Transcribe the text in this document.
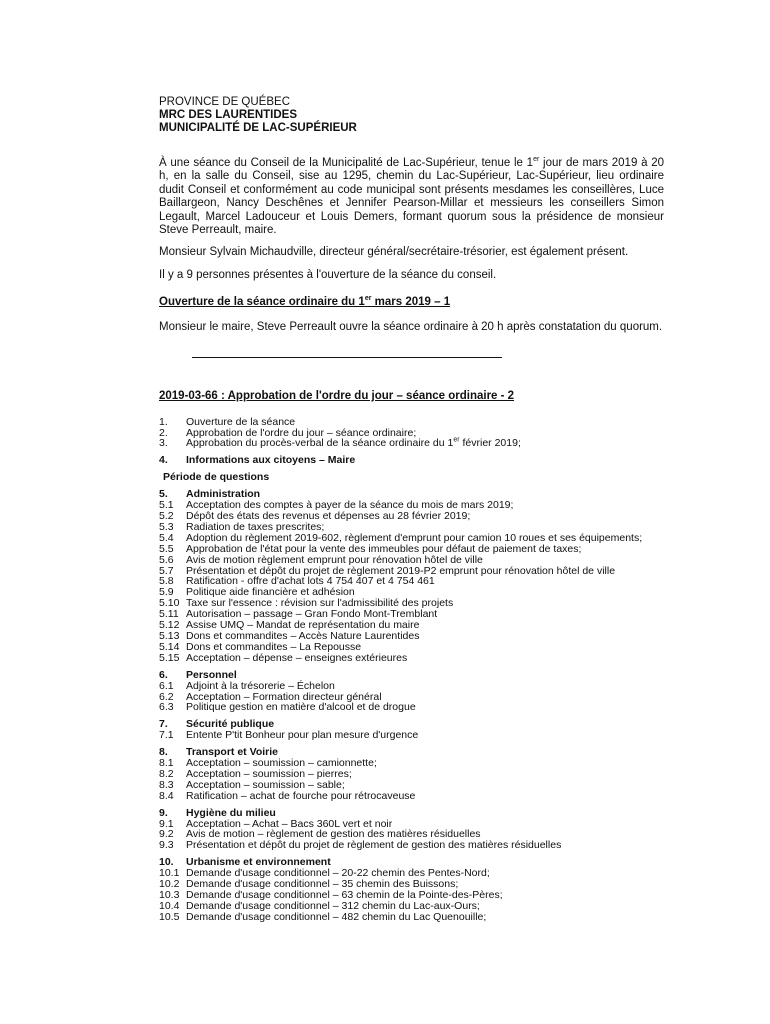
PROVINCE DE QUÉBEC
MRC DES LAURENTIDES
MUNICIPALITÉ DE LAC-SUPÉRIEUR

À une séance du Conseil de la Municipalité de Lac-Supérieur, tenue le 1er jour de mars 2019 à 20 h, en la salle du Conseil, sise au 1295, chemin du Lac-Supérieur, Lac-Supérieur, lieu ordinaire dudit Conseil et conformément au code municipal sont présents mesdames les conseillères, Luce Baillargeon, Nancy Deschênes et Jennifer Pearson-Millar et messieurs les conseillers Simon Legault, Marcel Ladouceur et Louis Demers, formant quorum sous la présidence de monsieur Steve Perreault, maire.

Monsieur Sylvain Michaudville, directeur général/secrétaire-trésorier, est également présent.

Il y a 9 personnes présentes à l'ouverture de la séance du conseil.

Ouverture de la séance ordinaire du 1er mars 2019 – 1

Monsieur le maire, Steve Perreault ouvre la séance ordinaire à 20 h après constatation du quorum.

2019-03-66 : Approbation de l'ordre du jour – séance ordinaire - 2
1.	Ouverture de la séance
2.	Approbation de l'ordre du jour – séance ordinaire;
3.	Approbation du procès-verbal de la séance ordinaire du 1er février 2019;
4.	Informations aux citoyens – Maire
Période de questions
5.	Administration
5.1	Acceptation des comptes à payer de la séance du mois de mars 2019;
5.2	Dépôt des états des revenus et dépenses au 28 février 2019;
5.3	Radiation de taxes prescrites;
5.4	Adoption du règlement 2019-602, règlement d'emprunt pour camion 10 roues et ses équipements;
5.5	Approbation de l'état pour la vente des immeubles pour défaut de paiement de taxes;
5.6	Avis de motion règlement emprunt pour rénovation hôtel de ville
5.7	Présentation et dépôt du projet de règlement 2019-P2 emprunt pour rénovation hôtel de ville
5.8	Ratification - offre d'achat lots 4 754 407 et 4 754 461
5.9	Politique aide financière et adhésion
5.10 Taxe sur l'essence : révision sur l'admissibilité des projets
5.11 Autorisation – passage – Gran Fondo Mont-Tremblant
5.12 Assise UMQ – Mandat de représentation du maire
5.13 Dons et commandites – Accès Nature Laurentides
5.14 Dons et commandites – La Repousse
5.15 Acceptation – dépense – enseignes extérieures
6.	Personnel
6.1	Adjoint à la trésorerie – Échelon
6.2	Acceptation – Formation directeur général
6.3	Politique gestion en matière d'alcool et de drogue
7.	Sécurité publique
7.1	Entente P'tit Bonheur pour plan mesure d'urgence
8.	Transport et Voirie
8.1	Acceptation – soumission – camionnette;
8.2	Acceptation – soumission – pierres;
8.3	Acceptation – soumission – sable;
8.4	Ratification – achat de fourche pour rétrocaveuse
9.	Hygiène du milieu
9.1	Acceptation – Achat – Bacs 360L vert et noir
9.2	Avis de motion – règlement de gestion des matières résiduelles
9.3	Présentation et dépôt du projet de règlement de gestion des matières résiduelles
10.	Urbanisme et environnement
10.1 Demande d'usage conditionnel – 20-22 chemin des Pentes-Nord;
10.2 Demande d'usage conditionnel – 35 chemin des Buissons;
10.3 Demande d'usage conditionnel – 63 chemin de la Pointe-des-Pères;
10.4 Demande d'usage conditionnel – 312 chemin du Lac-aux-Ours;
10.5 Demande d'usage conditionnel – 482 chemin du Lac Quenouille;
